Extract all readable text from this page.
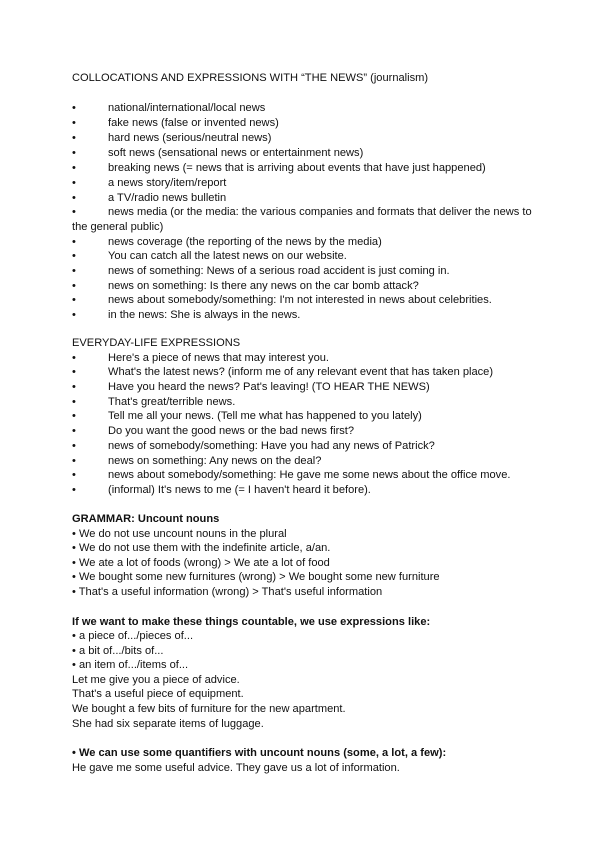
COLLOCATIONS AND EXPRESSIONS WITH “THE NEWS” (journalism)
•	national/international/local news
•	fake news (false or invented news)
•	hard news (serious/neutral news)
•	soft news (sensational news or entertainment news)
•	breaking news (= news that is arriving about events that have just happened)
•	a news story/item/report
•	a TV/radio news bulletin
•	news media (or the media: the various companies and formats that deliver the news to the general public)
•	news coverage (the reporting of the news by the media)
•	You can catch all the latest news on our website.
•	news of something: News of a serious road accident is just coming in.
•	news on something: Is there any news on the car bomb attack?
•	news about somebody/something: I'm not interested in news about celebrities.
•	in the news: She is always in the news.
EVERYDAY-LIFE EXPRESSIONS
•	Here's a piece of news that may interest you.
•	What's the latest news? (inform me of any relevant event that has taken place)
•	Have you heard the news? Pat's leaving! (TO HEAR THE NEWS)
•	That's great/terrible news.
•	Tell me all your news. (Tell me what has happened to you lately)
•	Do you want the good news or the bad news first?
•	news of somebody/something: Have you had any news of Patrick?
•	news on something: Any news on the deal?
•	news about somebody/something: He gave me some news about the office move.
•	(informal) It's news to me (= I haven't heard it before).
GRAMMAR: Uncount nouns
• We do not use uncount nouns in the plural
• We do not use them with the indefinite article, a/an.
• We ate a lot of foods (wrong) > We ate a lot of food
• We bought some new furnitures (wrong) > We bought some new furniture
• That's a useful information (wrong) > That's useful information
If we want to make these things countable, we use expressions like:
• a piece of.../pieces of...
• a bit of.../bits of...
• an item of.../items of...
Let me give you a piece of advice.
That's a useful piece of equipment.
We bought a few bits of furniture for the new apartment.
She had six separate items of luggage.
• We can use some quantifiers with uncount nouns (some, a lot, a few):
He gave me some useful advice. They gave us a lot of information.
